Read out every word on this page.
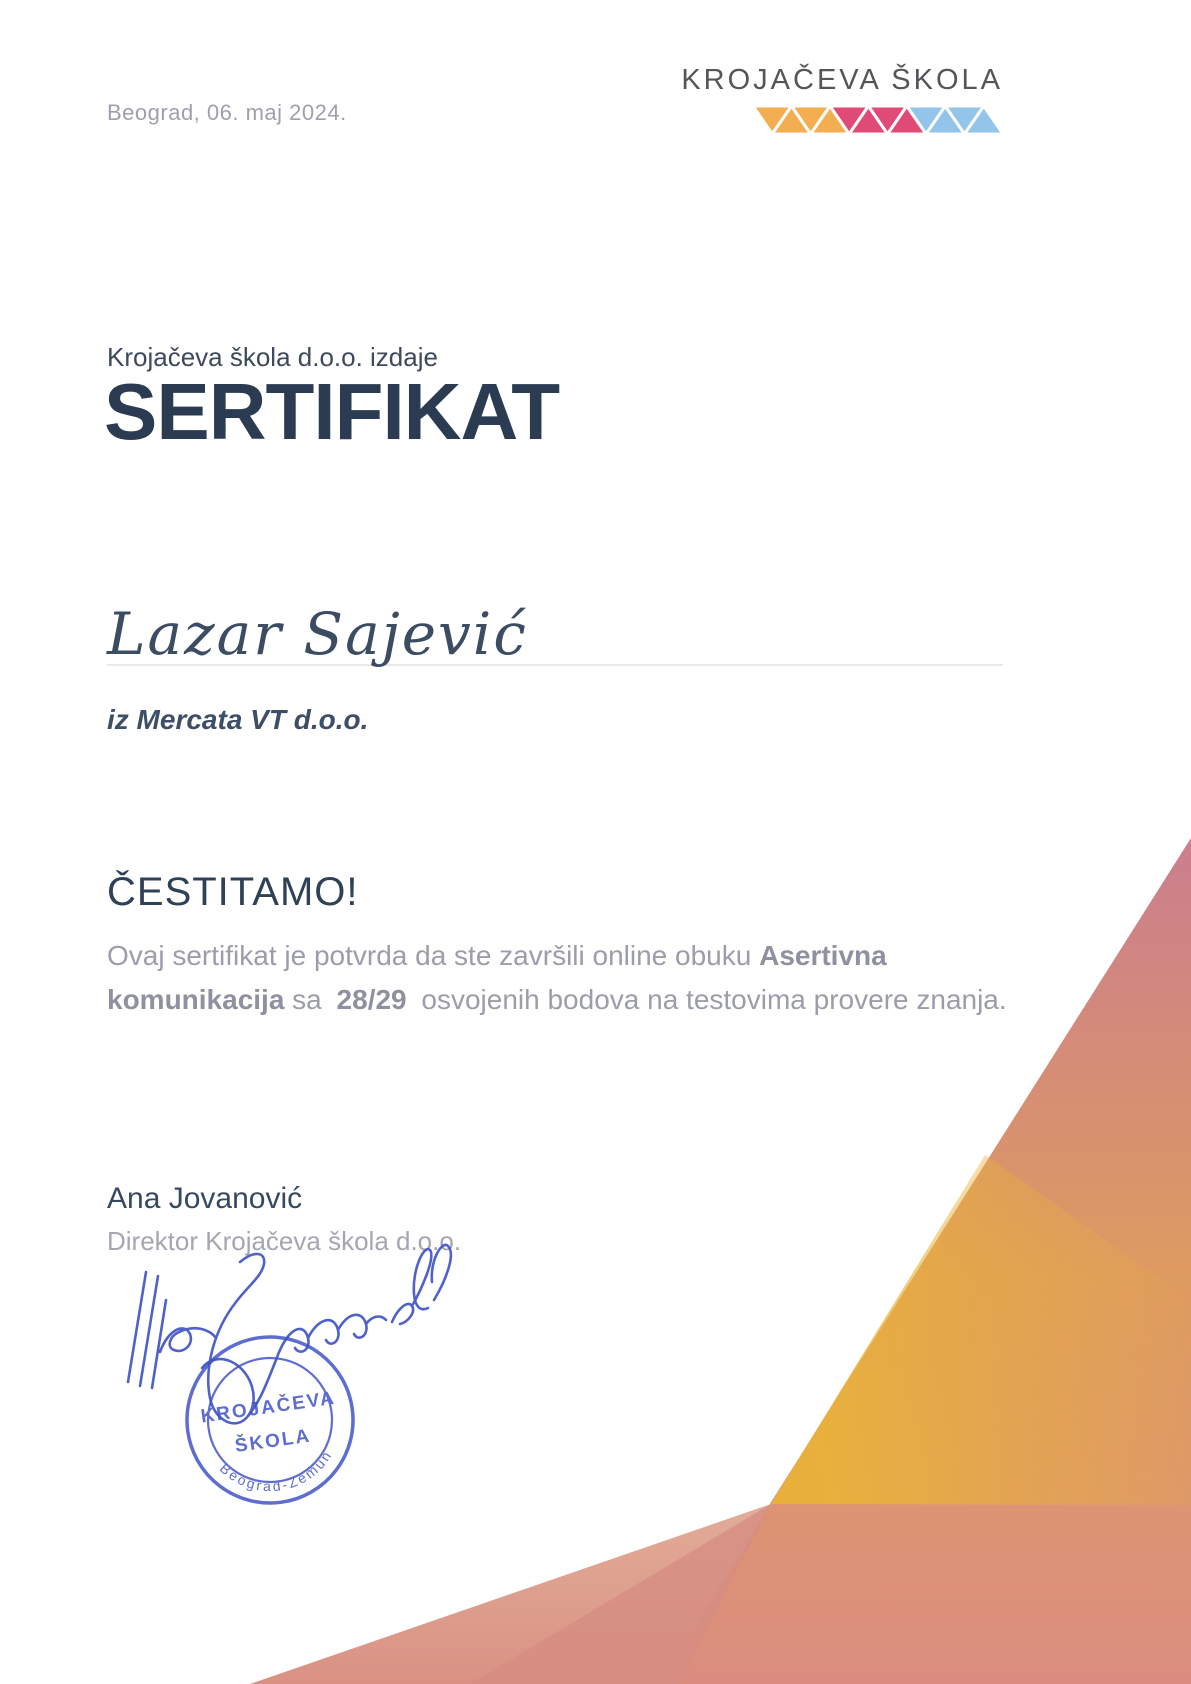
Beograd, 06. maj 2024.
KROJAČEVA ŠKOLA
Krojačeva škola d.o.o. izdaje
SERTIFIKAT
Lazar Sajević
iz Mercata VT d.o.o.
ČESTITAMO!
Ovaj sertifikat je potvrda da ste završili online obuku Asertivna komunikacija sa 28/29 osvojenih bodova na testovima provere znanja.
Ana Jovanović
Direktor Krojačeva škola d.o.o.
KROJAČEVA
ŠKOLA
Beograd-Zemun
